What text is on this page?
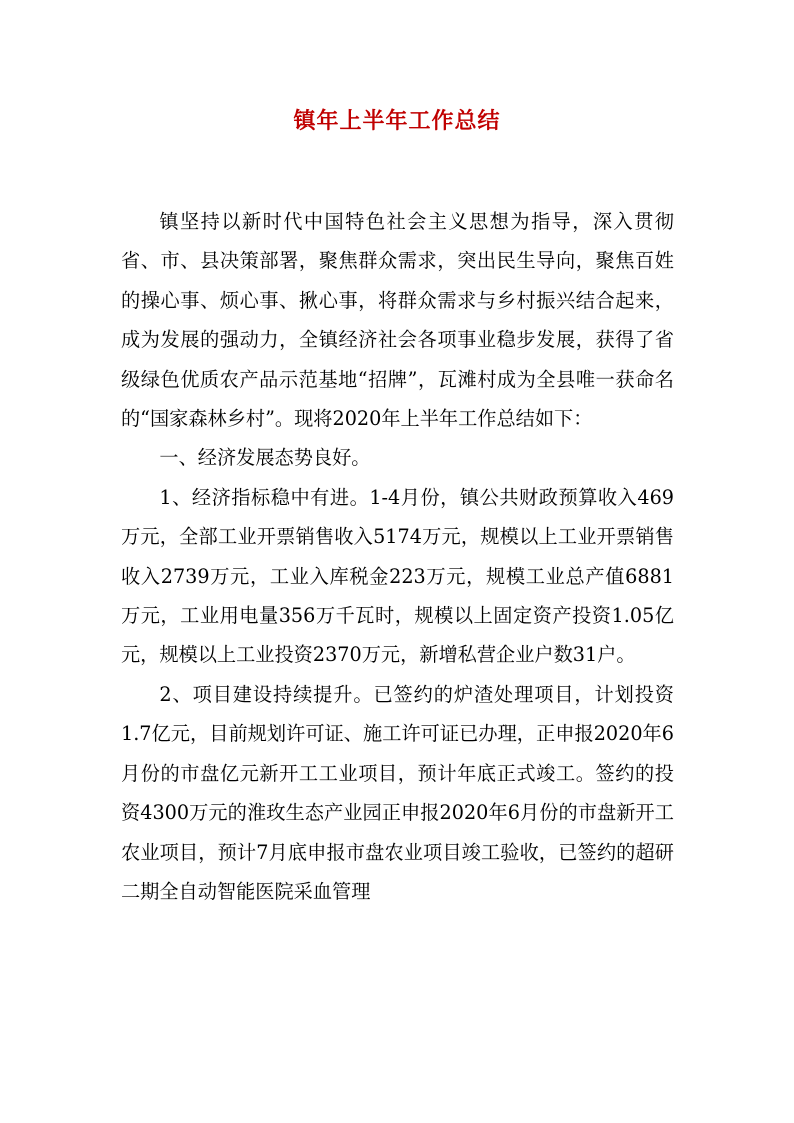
镇年上半年工作总结

镇坚持以新时代中国特色社会主义思想为指导，深入贯彻省、市、县决策部署，聚焦群众需求，突出民生导向，聚焦百姓的操心事、烦心事、揪心事，将群众需求与乡村振兴结合起来，成为发展的强动力，全镇经济社会各项事业稳步发展，获得了省级绿色优质农产品示范基地“招牌”，瓦滩村成为全县唯一获命名的“国家森林乡村”。现将2020年上半年工作总结如下：

一、经济发展态势良好。

1、经济指标稳中有进。1-4月份，镇公共财政预算收入469万元，全部工业开票销售收入5174万元，规模以上工业开票销售收入2739万元，工业入库税金223万元，规模工业总产值6881万元，工业用电量356万千瓦时，规模以上固定资产投资1.05亿元，规模以上工业投资2370万元，新增私营企业户数31户。

2、项目建设持续提升。已签约的炉渣处理项目，计划投资1.7亿元，目前规划许可证、施工许可证已办理，正申报2020年6月份的市盘亿元新开工工业项目，预计年底正式竣工。签约的投资4300万元的淮玫生态产业园正申报2020年6月份的市盘新开工农业项目，预计7月底申报市盘农业项目竣工验收，已签约的超研二期全自动智能医院采血管理
